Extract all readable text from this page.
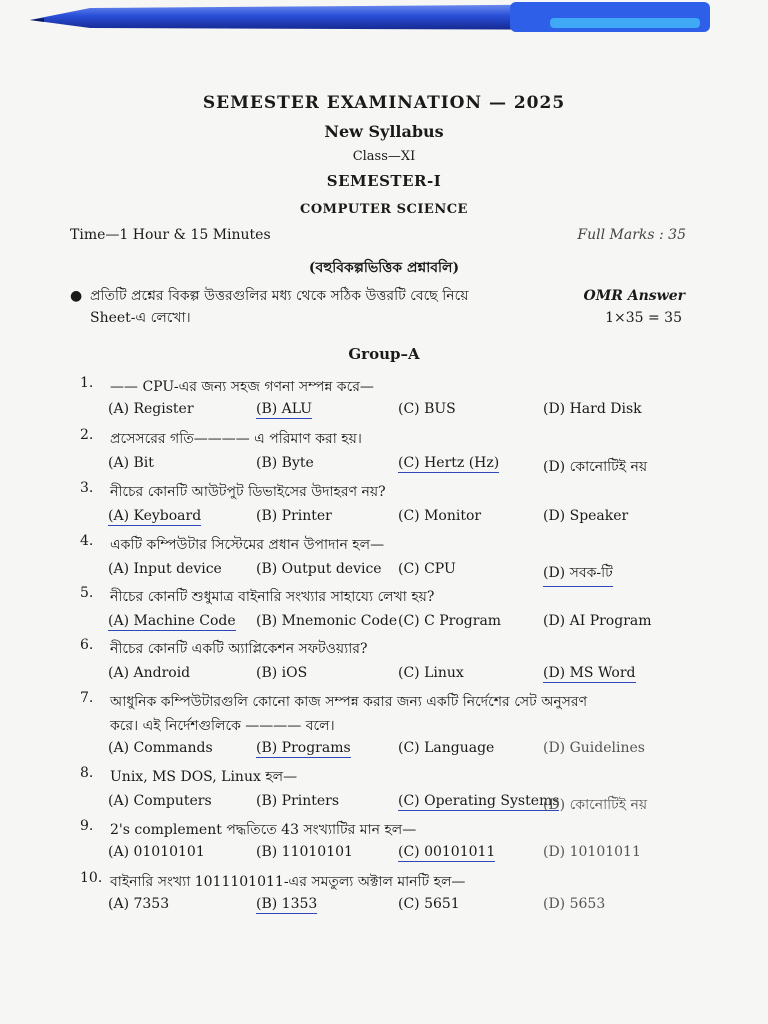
SEMESTER EXAMINATION — 2025
New Syllabus
Class—XI
SEMESTER-I
COMPUTER SCIENCE
Time—1 Hour & 15 Minutes	Full Marks : 35
(বহুবিকল্পভিত্তিক প্রশ্নাবলি)
● প্রতিটি প্রশ্নের বিকল্প উত্তরগুলির মধ্য থেকে সঠিক উত্তরটি বেছে নিয়ে	OMR Answer
Sheet-এ লেখো।	1×35 = 35
Group–A
1.	—— CPU-এর জন্য সহজ গণনা সম্পন্ন করে—
(A) Register	(B) ALU	(C) BUS	(D) Hard Disk
2.	প্রসেসরের গতি———— এ পরিমাণ করা হয়।
(A) Bit	(B) Byte	(C) Hertz (Hz)	(D) কোনোটিই নয়
3.	নীচের কোনটি আউটপুট ডিভাইসের উদাহরণ নয়?
(A) Keyboard	(B) Printer	(C) Monitor	(D) Speaker
4.	একটি কম্পিউটার সিস্টেমের প্রধান উপাদান হল—
(A) Input device (B) Output device (C) CPU	(D) সবক-টি
5.	নীচের কোনটি শুধুমাত্র বাইনারি সংখ্যার সাহায্যে লেখা হয়?
(A) Machine Code (B) Mnemonic Code (C) C Program	(D) AI Program
6.	নীচের কোনটি একটি অ্যাপ্লিকেশন সফটওয়্যার?
(A) Android	(B) iOS	(C) Linux	(D) MS Word
7.	আধুনিক কম্পিউটারগুলি কোনো কাজ সম্পন্ন করার জন্য একটি নির্দেশের সেট অনুসরণ
করে। এই নির্দেশগুলিকে ———— বলে।
(A) Commands	(B) Programs	(C) Language	(D) Guidelines
8.	Unix, MS DOS, Linux হল—
(A) Computers	(B) Printers	(C) Operating Systems
(D) কোনোটিই নয়
9.	2's complement পদ্ধতিতে 43 সংখ্যাটির মান হল—
(A) 01010101	(B) 11010101	(C) 00101011	(D) 10101011
10. বাইনারি সংখ্যা 1011101011-এর সমতুল্য অক্টাল মানটি হল—
(A) 7353	(B) 1353	(C) 5651	(D) 5653
